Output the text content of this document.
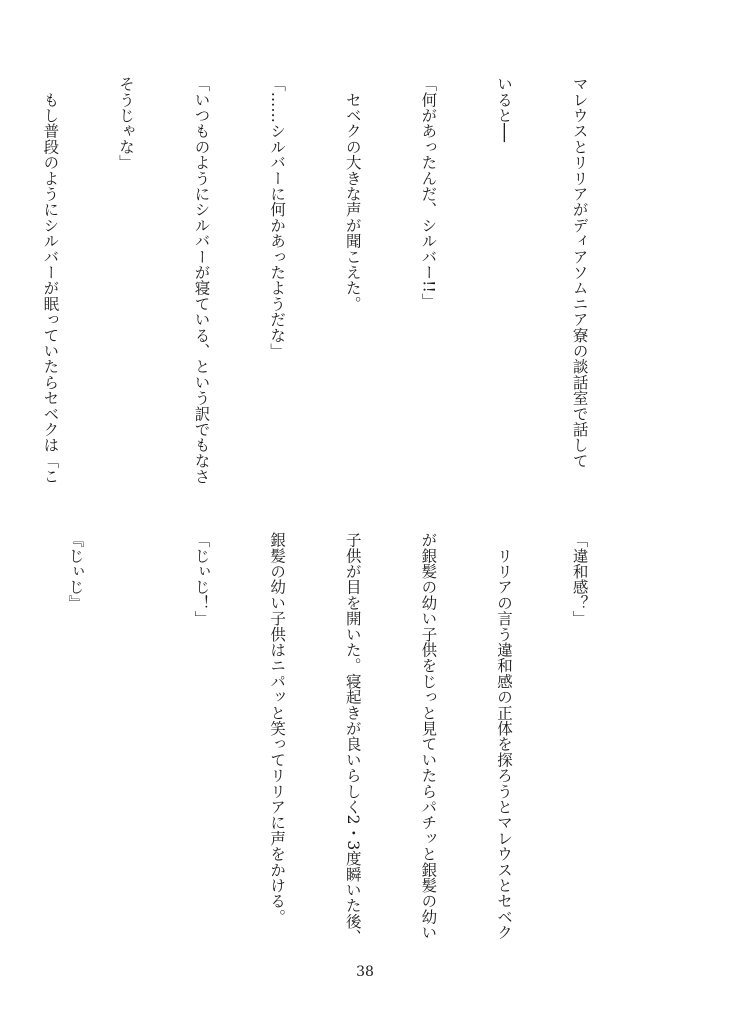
マレウスとリリアがディアソムニア寮の談話室で話して

いると──

「何があったんだ、シルバー!!」

　セベクの大きな声が聞こえた。

「……シルバーに何かあったようだな」

「いつものようにシルバーが寝ている、という訳でもなさ

そうじゃな」

　もし普段のようにシルバーが眠っていたらセベクは「こ

「違和感？」

　リリアの言う違和感の正体を探ろうとマレウスとセベク

が銀髪の幼い子供をじっと見ていたらパチッと銀髪の幼い

子供が目を開いた。寝起きが良いらしく2・3度瞬いた後、

銀髪の幼い子供はニパッと笑ってリリアに声をかける。

「じぃじ！」

『じぃじ』

38
